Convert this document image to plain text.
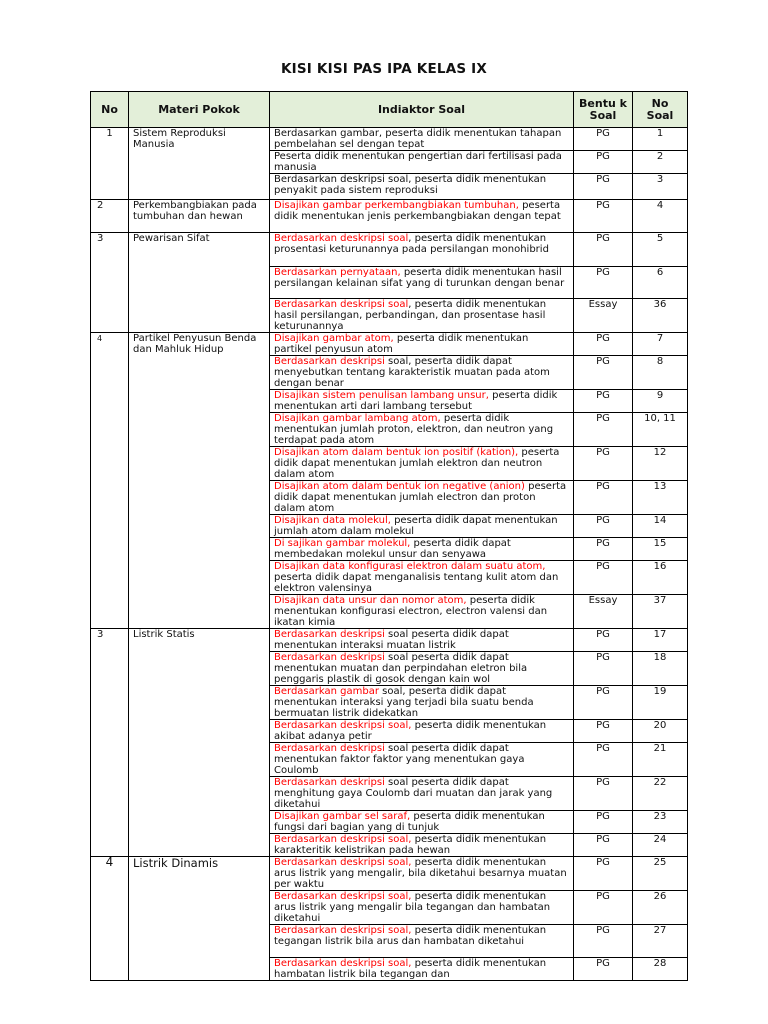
KISI KISI PAS IPA KELAS IX
No	Materi Pokok	Indiaktor Soal	Bentu k Soal	No Soal
1	Sistem Reproduksi Manusia	Berdasarkan gambar, peserta didik menentukan tahapan pembelahan sel dengan tepat	PG	1
		Peserta didik menentukan pengertian dari fertilisasi pada manusia	PG	2
		Berdasarkan deskripsi soal, peserta didik menentukan penyakit pada sistem reproduksi	PG	3
2	Perkembangbiakan pada tumbuhan dan hewan	Disajikan gambar perkembangbiakan tumbuhan, peserta didik menentukan jenis perkembangbiakan dengan tepat	PG	4
3	Pewarisan Sifat	Berdasarkan deskripsi soal, peserta didik menentukan prosentasi keturunannya pada persilangan monohibrid	PG	5
		Berdasarkan pernyataan, peserta didik menentukan hasil persilangan kelainan sifat yang di turunkan dengan benar	PG	6
		Berdasarkan deskripsi soal, peserta didik menentukan hasil persilangan, perbandingan, dan prosentase hasil keturunannya	Essay	36
4	Partikel Penyusun Benda dan Mahluk Hidup	Disajikan gambar atom, peserta didik menentukan partikel penyusun atom	PG	7
		Berdasarkan deskripsi soal, peserta didik dapat menyebutkan tentang karakteristik muatan pada atom dengan benar	PG	8
		Disajikan sistem penulisan lambang unsur, peserta didik menentukan arti dari lambang tersebut	PG	9
		Disajikan gambar lambang atom, peserta didik menentukan jumlah proton, elektron, dan neutron yang terdapat pada atom	PG	10, 11
		Disajikan atom dalam bentuk ion positif (kation), peserta didik dapat menentukan jumlah elektron dan neutron dalam atom	PG	12
		Disajikan atom dalam bentuk ion negative (anion) peserta didik dapat menentukan jumlah electron dan proton dalam atom	PG	13
		Disajikan data molekul, peserta didik dapat menentukan jumlah atom dalam molekul	PG	14
		Di sajikan gambar molekul, peserta didik dapat membedakan molekul unsur dan senyawa	PG	15
		Disajikan data konfigurasi elektron dalam suatu atom, peserta didik dapat menganalisis tentang kulit atom dan elektron valensinya	PG	16
		Disajikan data unsur dan nomor atom, peserta didik menentukan konfigurasi electron, electron valensi dan ikatan kimia	Essay	37
3	Listrik Statis	Berdasarkan deskripsi soal peserta didik dapat menentukan interaksi muatan listrik	PG	17
		Berdasarkan deskripsi soal peserta didik dapat menentukan muatan dan perpindahan eletron bila penggaris plastik di gosok dengan kain wol	PG	18
		Berdasarkan gambar soal, peserta didik dapat menentukan interaksi yang terjadi bila suatu benda bermuatan listrik didekatkan	PG	19
		Berdasarkan deskripsi soal, peserta didik menentukan akibat adanya petir	PG	20
		Berdasarkan deskripsi soal peserta didik dapat menentukan faktor faktor yang menentukan gaya Coulomb	PG	21
		Berdasarkan deskripsi soal peserta didik dapat menghitung gaya Coulomb dari muatan dan jarak yang diketahui	PG	22
		Disajikan gambar sel saraf, peserta didik menentukan fungsi dari bagian yang di tunjuk	PG	23
		Berdasarkan deskripsi soal, peserta didik menentukan karakteritik kelistrikan pada hewan	PG	24
4	Listrik Dinamis	Berdasarkan deskripsi soal, peserta didik menentukan arus listrik yang mengalir, bila diketahui besarnya muatan per waktu	PG	25
		Berdasarkan deskripsi soal, peserta didik menentukan arus listrik yang mengalir bila tegangan dan hambatan diketahui	PG	26
		Berdasarkan deskripsi soal, peserta didik menentukan tegangan listrik bila arus dan hambatan diketahui	PG	27
		Berdasarkan deskripsi soal, peserta didik menentukan hambatan listrik bila tegangan dan	PG	28
